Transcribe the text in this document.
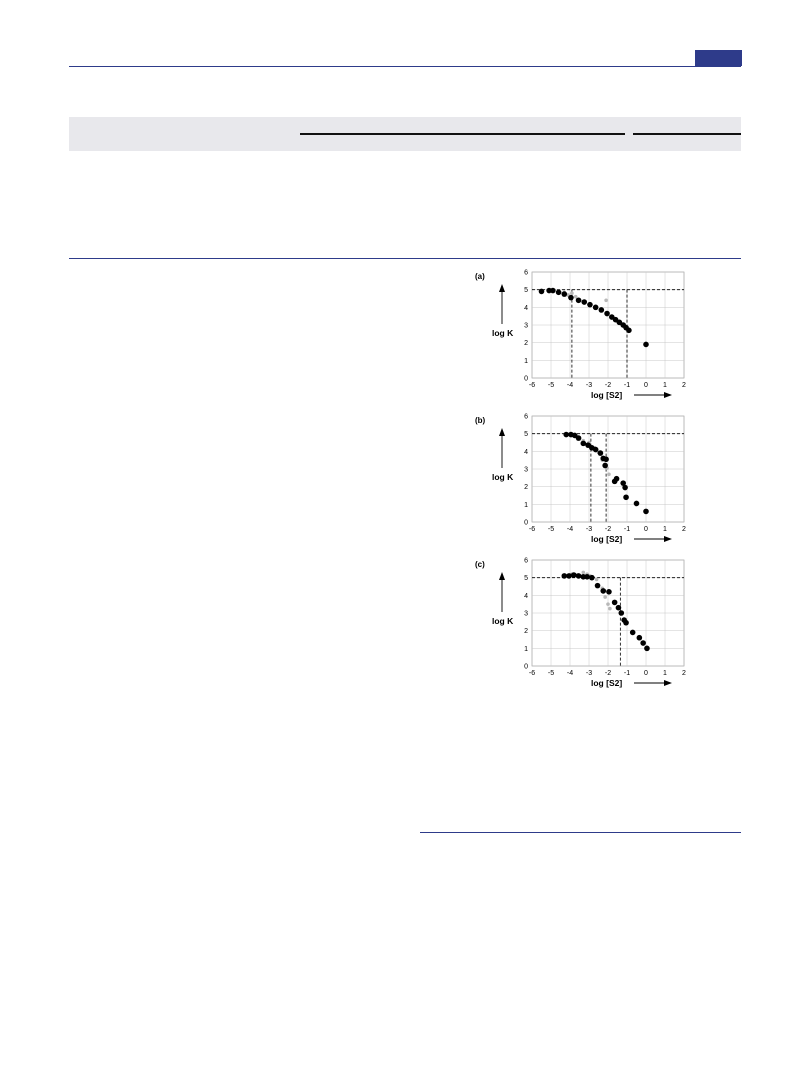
(a)
0
1
2
3
4
5
6
-6 -5 -4 -3 -2 -1 0 1 2
log K
log [S2]
(b)
0
1
2
3
4
5
6
-6 -5 -4 -3 -2 -1 0 1 2
log K
log [S2]
(c)
0
1
2
3
4
5
6
-6 -5 -4 -3 -2 -1 0 1 2
log K
log [S2]
